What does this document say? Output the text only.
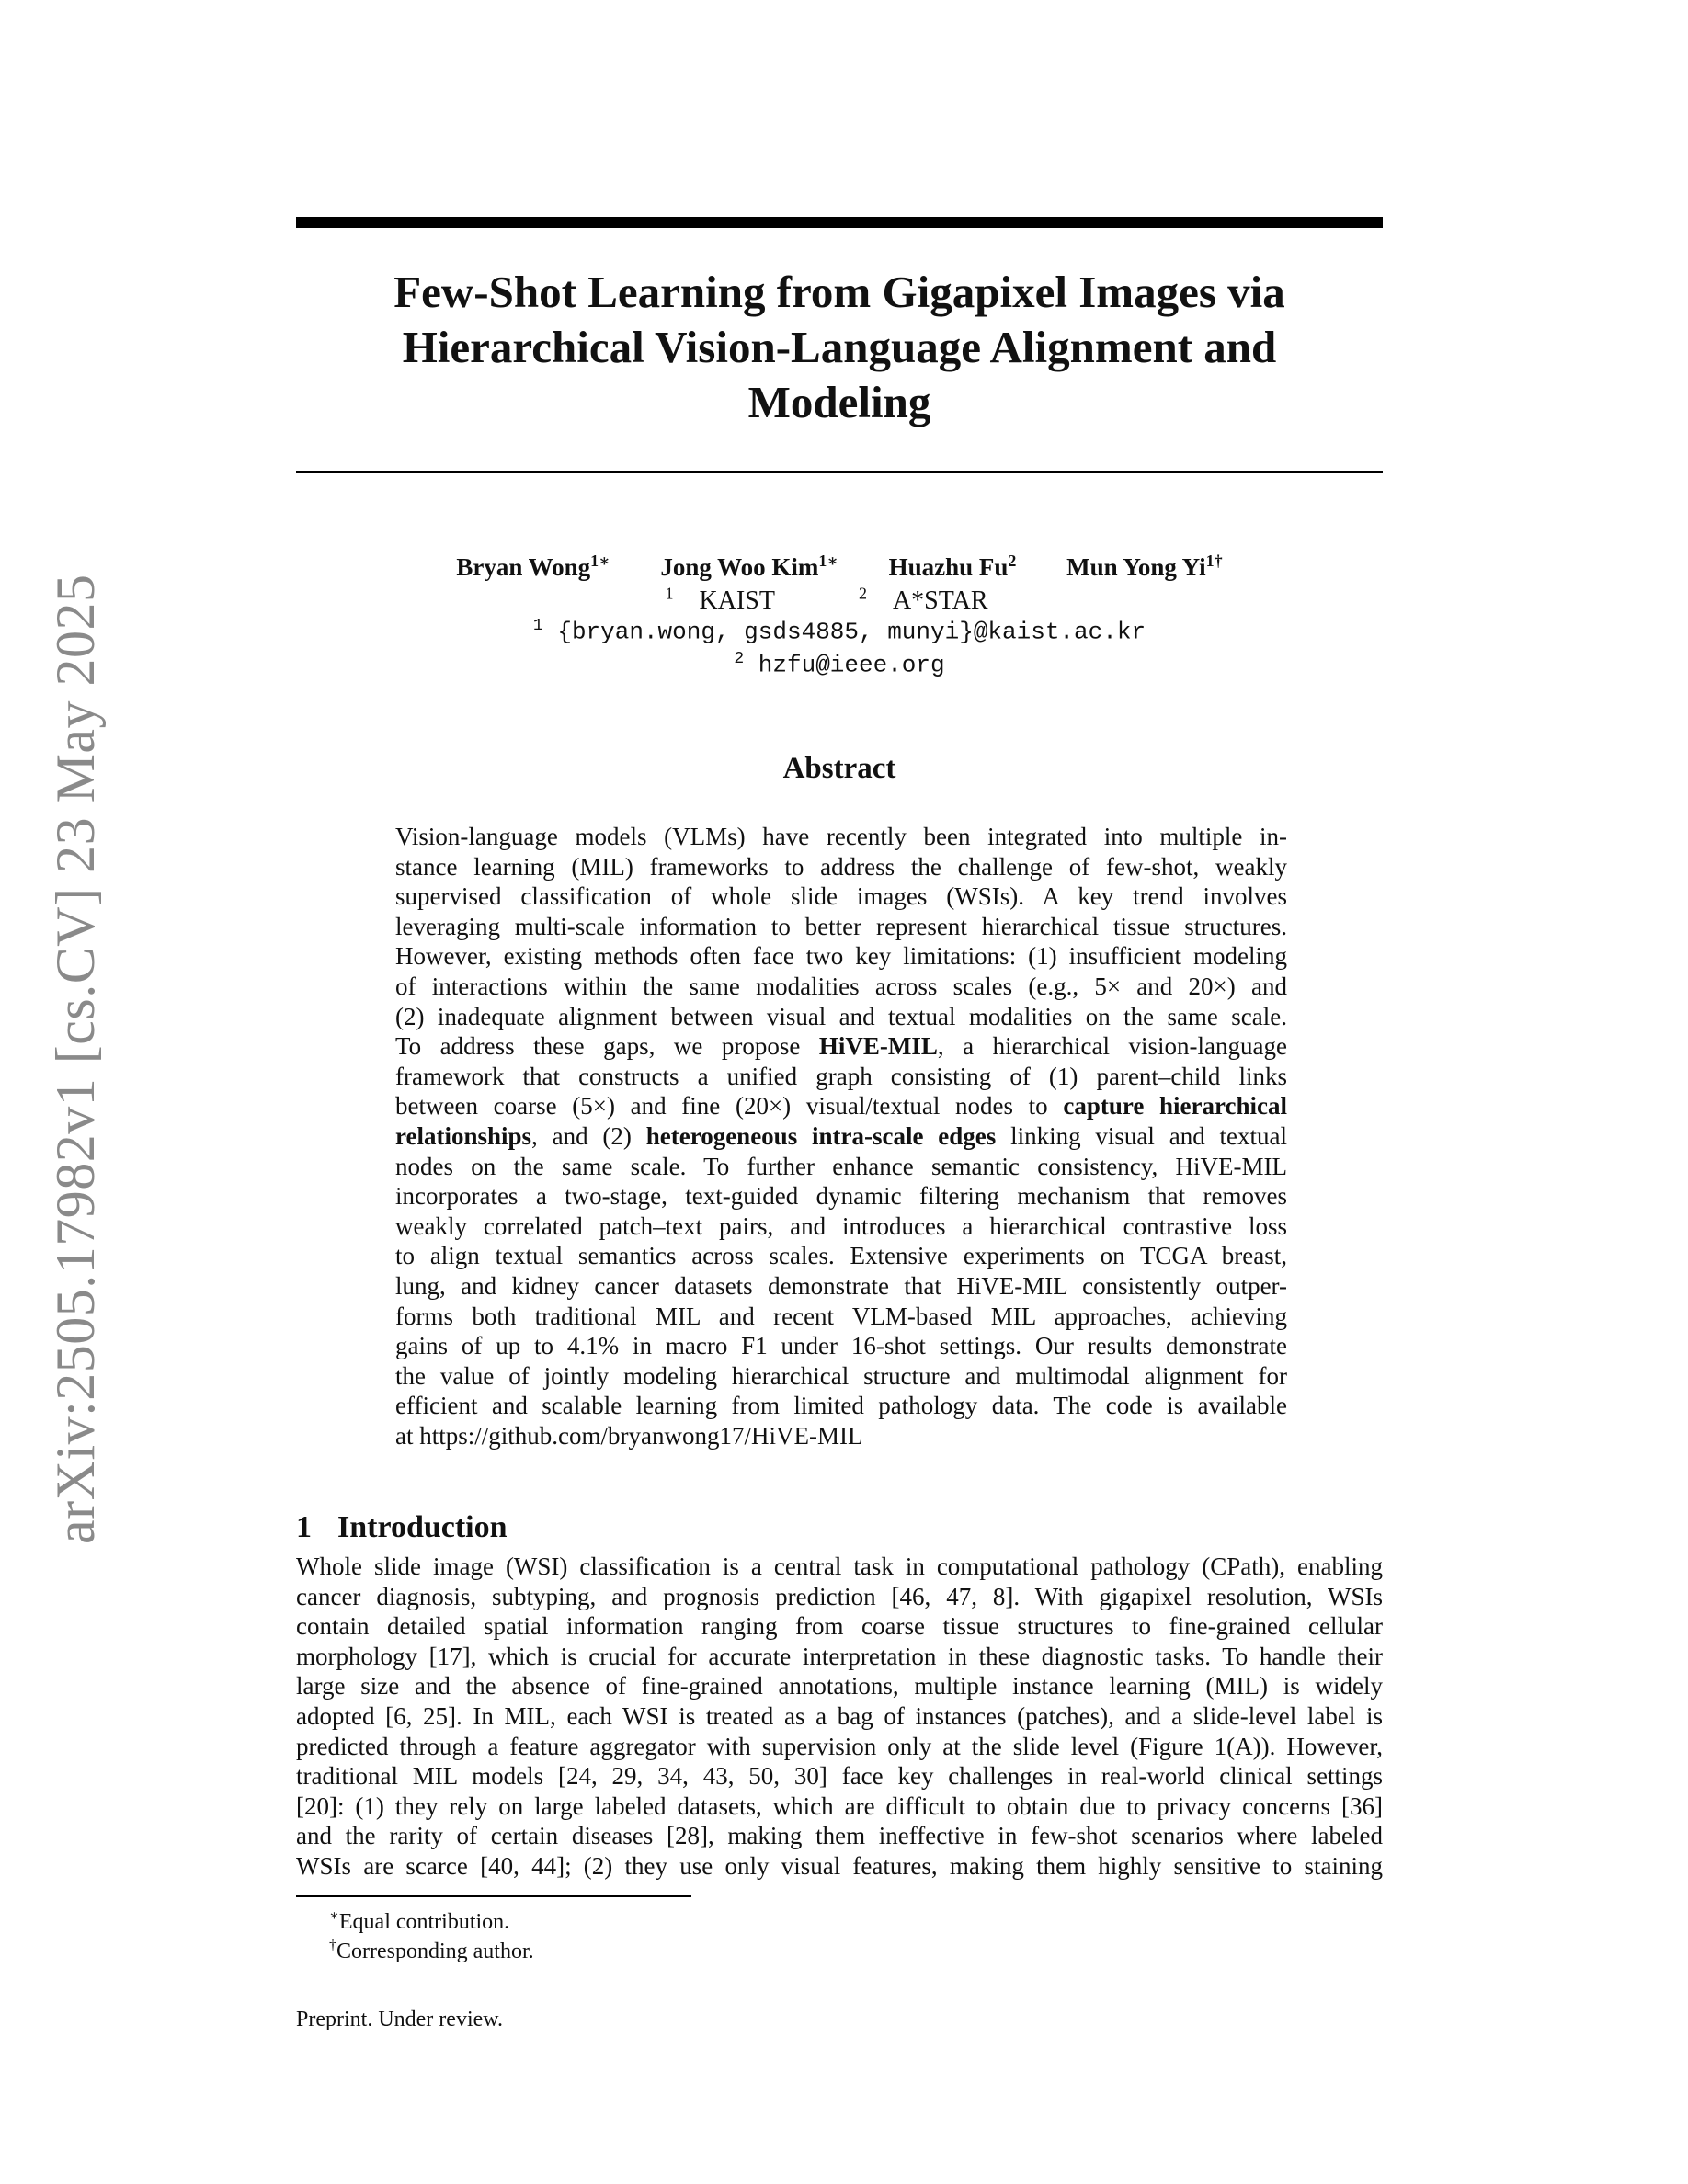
arXiv:2505.17982v1 [cs.CV] 23 May 2025
Few-Shot Learning from Gigapixel Images via
Hierarchical Vision-Language Alignment and
Modeling
Bryan Wong$^{1∗}$ Jong Woo Kim$^{1∗}$ Huazhu Fu$^2$ Mun Yong $Yi^{1\dagger}$
$^1$ KAIST	$^2$ A*STAR
$^1$ {bryan.wong, gsds4885, munyi}@kaist.ac.kr
$^2$ hzfu@ieee.org
Abstract
Vision-language models (VLMs) have recently been integrated into multiple in-
stance learning (MIL) frameworks to address the challenge of few-shot, weakly
supervised classification of whole slide images (WSIs). A key trend involves
leveraging multi-scale information to better represent hierarchical tissue structures.
However, existing methods often face two key limitations: (1) insufficient modeling
of interactions within the same modalities across scales (e.g., 5× and 20×) and
(2) inadequate alignment between visual and textual modalities on the same scale.
To address these gaps, we propose HiVE-MIL, a hierarchical vision-language
framework that constructs a unified graph consisting of (1) parent–child links
between coarse (5×) and fine (20×) visual/textual nodes to capture hierarchical
relationships, and (2) heterogeneous intra-scale edges linking visual and textual
nodes on the same scale. To further enhance semantic consistency, HiVE-MIL
incorporates a two-stage, text-guided dynamic filtering mechanism that removes
weakly correlated patch–text pairs, and introduces a hierarchical contrastive loss
to align textual semantics across scales. Extensive experiments on TCGA breast,
lung, and kidney cancer datasets demonstrate that HiVE-MIL consistently outper-
forms both traditional MIL and recent VLM-based MIL approaches, achieving
gains of up to 4.1% in macro F1 under 16-shot settings. Our results demonstrate
the value of jointly modeling hierarchical structure and multimodal alignment for
efficient and scalable learning from limited pathology data. The code is available
at https://github.com/bryanwong17/HiVE-MIL
1 Introduction
Whole slide image (WSI) classification is a central task in computational pathology (CPath), enabling
cancer diagnosis, subtyping, and prognosis prediction [46, 47, 8]. With gigapixel resolution, WSIs
contain detailed spatial information ranging from coarse tissue structures to fine-grained cellular
morphology [17], which is crucial for accurate interpretation in these diagnostic tasks. To handle their
large size and the absence of fine-grained annotations, multiple instance learning (MIL) is widely
adopted [6, 25]. In MIL, each WSI is treated as a bag of instances (patches), and a slide-level label is
predicted through a feature aggregator with supervision only at the slide level (Figure 1(A)). However,
traditional MIL models [24, 29, 34, 43, 50, 30] face key challenges in real-world clinical settings
[20]: (1) they rely on large labeled datasets, which are difficult to obtain due to privacy concerns [36]
and the rarity of certain diseases [28], making them ineffective in few-shot scenarios where labeled
WSIs are scarce [40, 44]; (2) they use only visual features, making them highly sensitive to staining
∗Equal contribution.
†Corresponding author.
Preprint. Under review.
